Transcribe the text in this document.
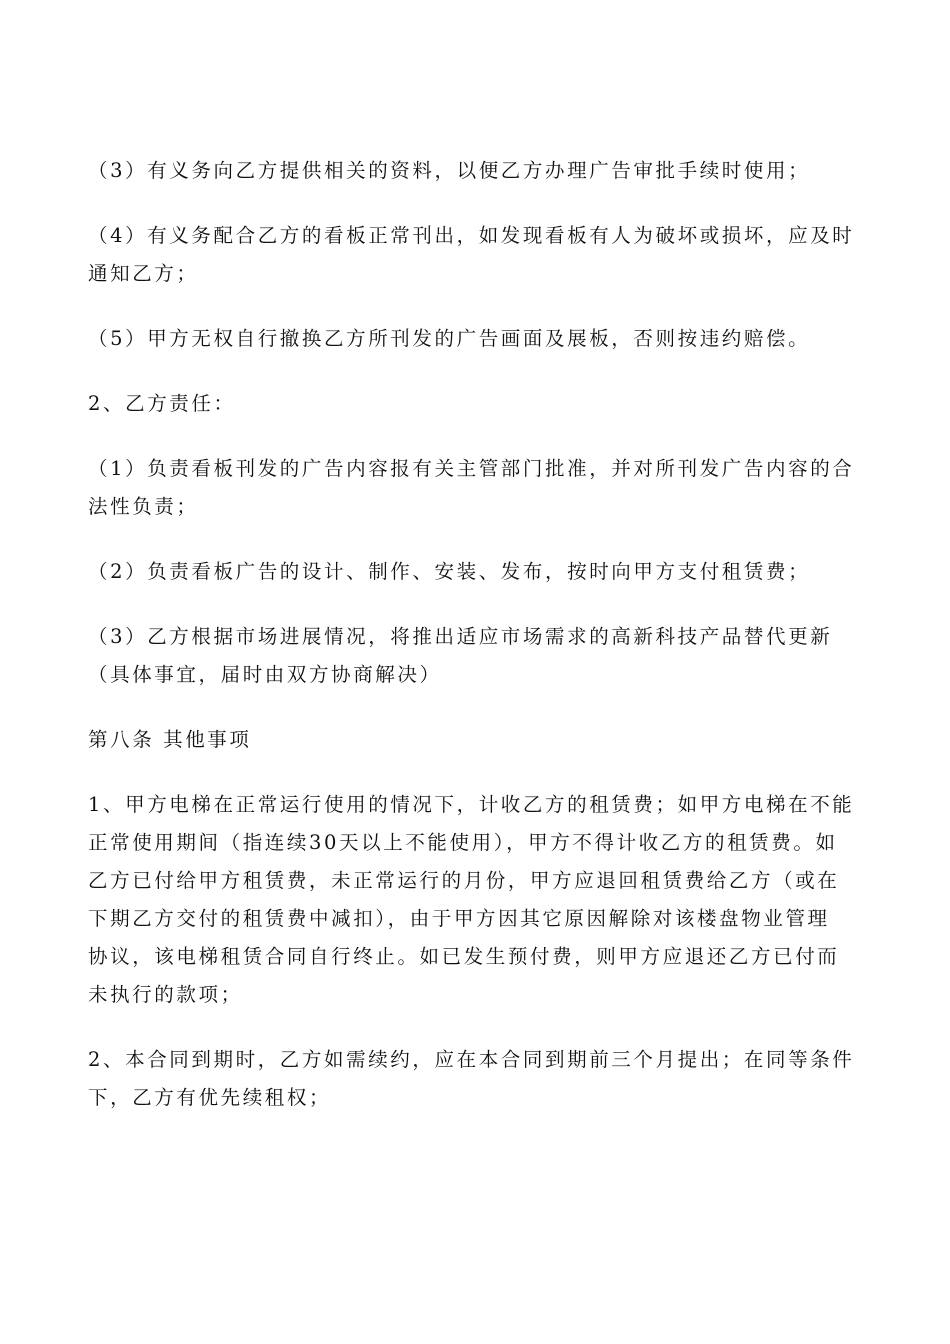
（3）有义务向乙方提供相关的资料，以便乙方办理广告审批手续时使用；

（4）有义务配合乙方的看板正常刊出，如发现看板有人为破坏或损坏，应及时
通知乙方；

（5）甲方无权自行撤换乙方所刊发的广告画面及展板，否则按违约赔偿。

2、乙方责任：

（1）负责看板刊发的广告内容报有关主管部门批准，并对所刊发广告内容的合
法性负责；

（2）负责看板广告的设计、制作、安装、发布，按时向甲方支付租赁费；

（3）乙方根据市场进展情况，将推出适应市场需求的高新科技产品替代更新
（具体事宜，届时由双方协商解决）

第八条 其他事项

1、甲方电梯在正常运行使用的情况下，计收乙方的租赁费；如甲方电梯在不能
正常使用期间（指连续30天以上不能使用），甲方不得计收乙方的租赁费。如
乙方已付给甲方租赁费，未正常运行的月份，甲方应退回租赁费给乙方（或在
下期乙方交付的租赁费中减扣），由于甲方因其它原因解除对该楼盘物业管理
协议，该电梯租赁合同自行终止。如已发生预付费，则甲方应退还乙方已付而
未执行的款项；

2、本合同到期时，乙方如需续约，应在本合同到期前三个月提出；在同等条件
下，乙方有优先续租权；
